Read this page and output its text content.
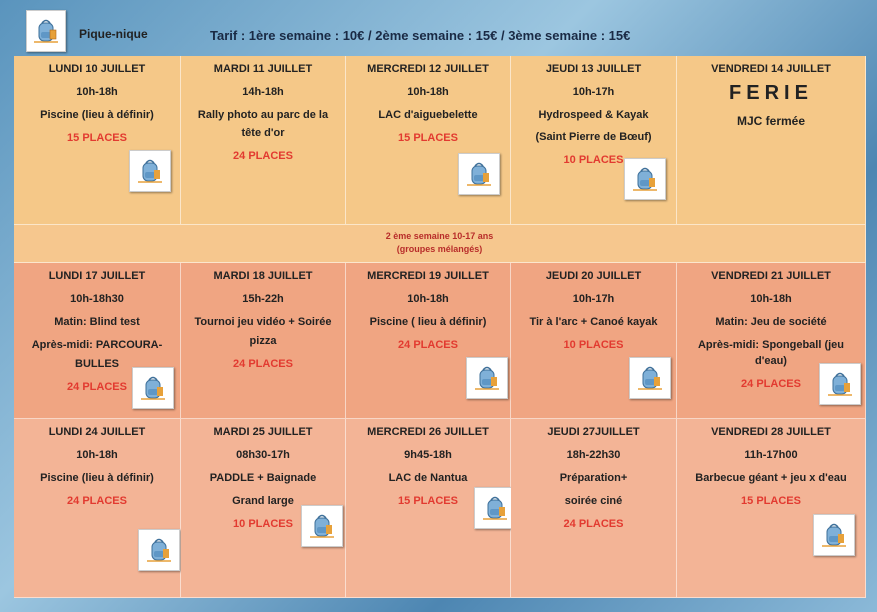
Pique-nique	Tarif : 1ère semaine : 10€ / 2ème semaine : 15€ / 3ème semaine : 15€

LUNDI 10 JUILLET

10h-18h

Piscine (lieu à définir)

15 PLACES

MARDI 11 JUILLET

14h-18h

Rally photo au parc de la

tête d'or

24 PLACES

MERCREDI 12 JUILLET

10h-18h

LAC d'aiguebelette

15 PLACES

JEUDI 13 JUILLET

10h-17h

Hydrospeed & Kayak

(Saint Pierre de Bœuf)

10 PLACES

VENDREDI 14 JUILLET

FERIE

MJC fermée

2 ème semaine 10-17 ans
(groupes mélangés)

LUNDI 17 JUILLET

10h-18h30

Matin: Blind test

Après-midi: PARCOURA-

BULLES

24 PLACES

MARDI 18 JUILLET

15h-22h

Tournoi jeu vidéo + Soirée

pizza

24 PLACES

MERCREDI 19 JUILLET

10h-18h

Piscine ( lieu à définir)

24 PLACES

JEUDI 20 JUILLET

10h-17h

Tir à l'arc + Canoé kayak

10 PLACES

VENDREDI 21 JUILLET

10h-18h

Matin: Jeu de société

Après-midi: Spongeball (jeu

d'eau)

24 PLACES

LUNDI 24 JUILLET

10h-18h

Piscine (lieu à définir)

24 PLACES

MARDI 25 JUILLET

08h30-17h

PADDLE + Baignade

Grand large

10 PLACES

MERCREDI 26 JUILLET

9h45-18h

LAC de Nantua

15 PLACES

JEUDI 27JUILLET

18h-22h30

Préparation+

soirée ciné

24 PLACES

VENDREDI 28 JUILLET

11h-17h00

Barbecue géant + jeu x d'eau

15 PLACES
